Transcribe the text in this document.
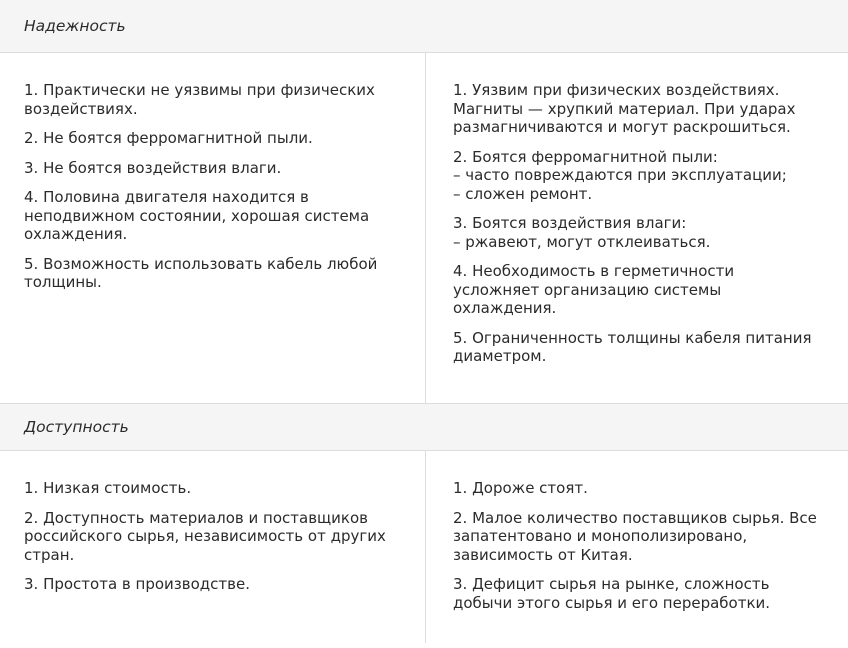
Надежность
1. Практически не уязвимы при физических
воздействиях.
2. Не боятся ферромагнитной пыли.
3. Не боятся воздействия влаги.
4. Половина двигателя находится в
неподвижном состоянии, хорошая система
охлаждения.
5. Возможность использовать кабель любой
толщины.
1. Уязвим при физических воздействиях.
Магниты — хрупкий материал. При ударах
размагничиваются и могут раскрошиться.
2. Боятся ферромагнитной пыли:
– часто повреждаются при эксплуатации;
– сложен ремонт.
3. Боятся воздействия влаги:
– ржавеют, могут отклеиваться.
4. Необходимость в герметичности
усложняет организацию системы
охлаждения.
5. Ограниченность толщины кабеля питания
диаметром.
Доступность
1. Низкая стоимость.
2. Доступность материалов и поставщиков
российского сырья, независимость от других
стран.
3. Простота в производстве.
1. Дороже стоят.
2. Малое количество поставщиков сырья. Все
запатентовано и монополизировано,
зависимость от Китая.
3. Дефицит сырья на рынке, сложность
добычи этого сырья и его переработки.
